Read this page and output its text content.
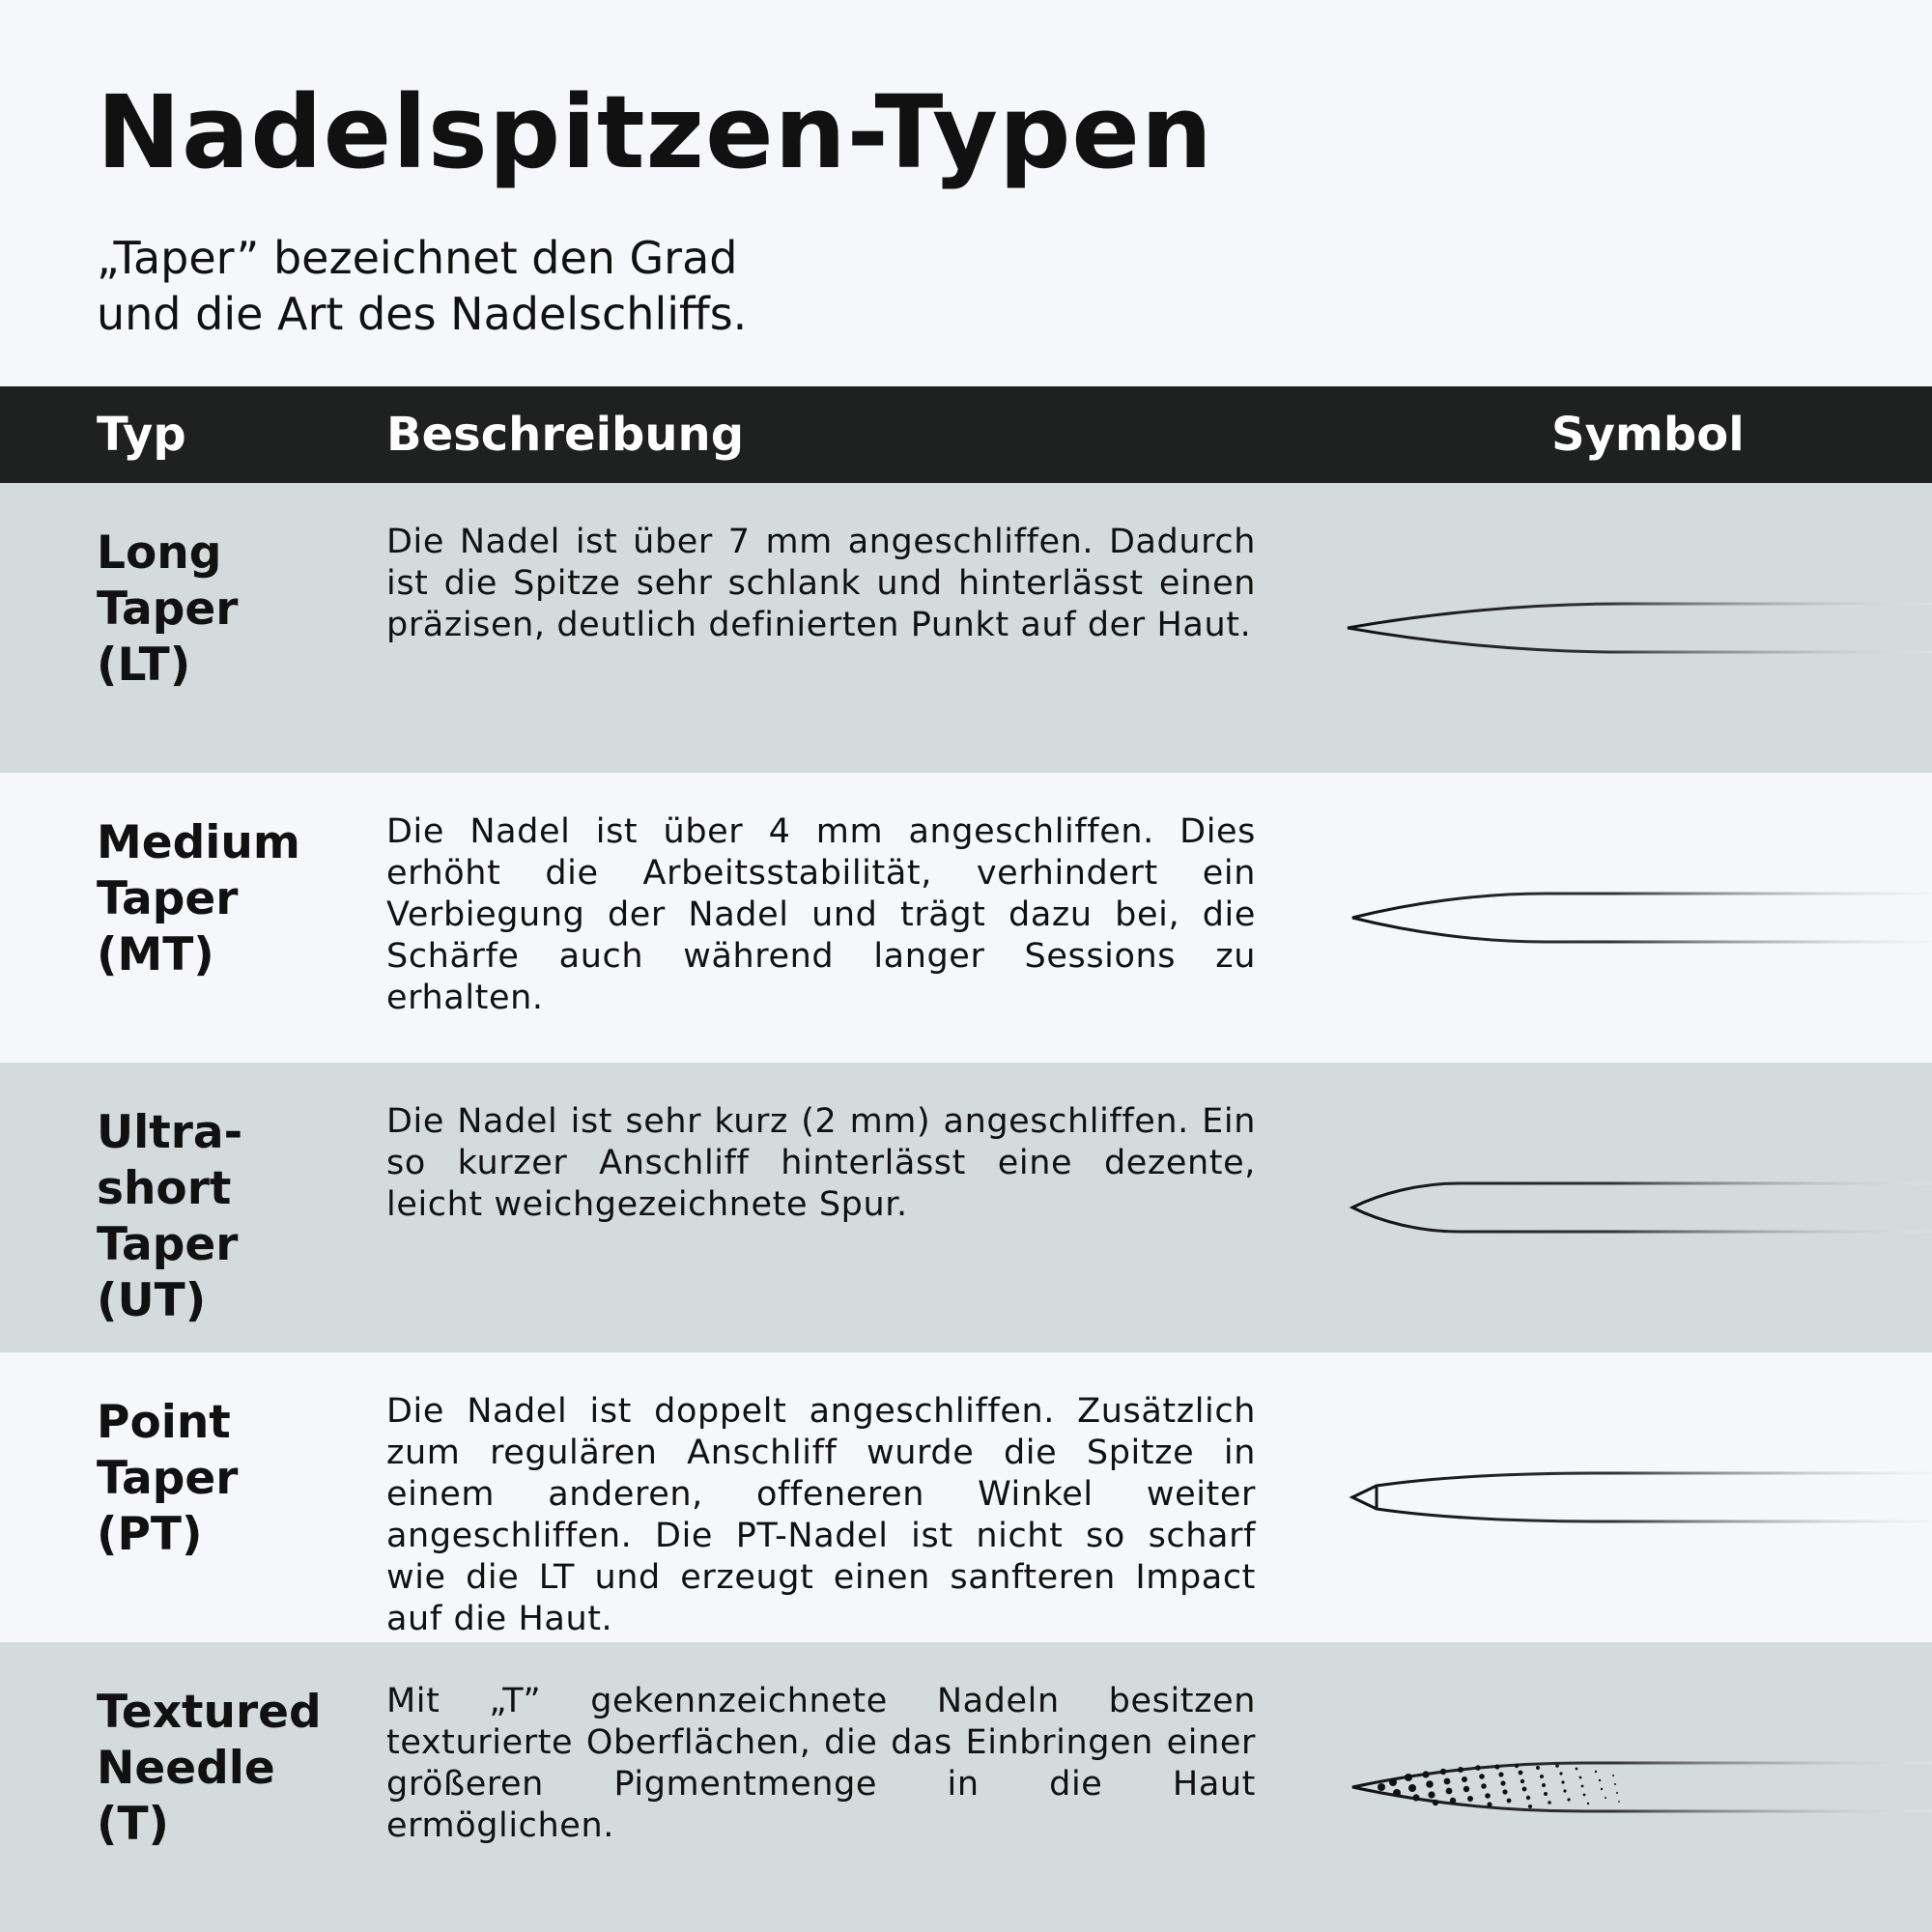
Nadelspitzen-Typen
„Taper” bezeichnet den Grad
und die Art des Nadelschliffs.
Typ	Beschreibung	Symbol
Long
Taper
(LT)
Die Nadel ist über 7 mm angeschliffen. Dadurch ist die Spitze sehr schlank und hinterlässt einen präzisen, deutlich definierten Punkt auf der Haut.
Medium
Taper
(MT)
Die Nadel ist über 4 mm angeschliffen. Dies erhöht die Arbeitsstabilität, verhindert ein Verbiegung der Nadel und trägt dazu bei, die Schärfe auch während langer Sessions zu erhalten.
Ultra-
short
Taper
(UT)
Die Nadel ist sehr kurz (2 mm) angeschliffen. Ein so kurzer Anschliff hinterlässt eine dezente, leicht weichgezeichnete Spur.
Point
Taper
(PT)
Die Nadel ist doppelt angeschliffen. Zusätzlich zum regulären Anschliff wurde die Spitze in einem anderen, offeneren Winkel weiter angeschliffen. Die PT-Nadel ist nicht so scharf wie die LT und erzeugt einen sanfteren Impact auf die Haut.
Textured
Needle
(T)
Mit „T” gekennzeichnete Nadeln besitzen texturierte Oberflächen, die das Einbringen einer größeren Pigmentmenge in die Haut ermöglichen.
